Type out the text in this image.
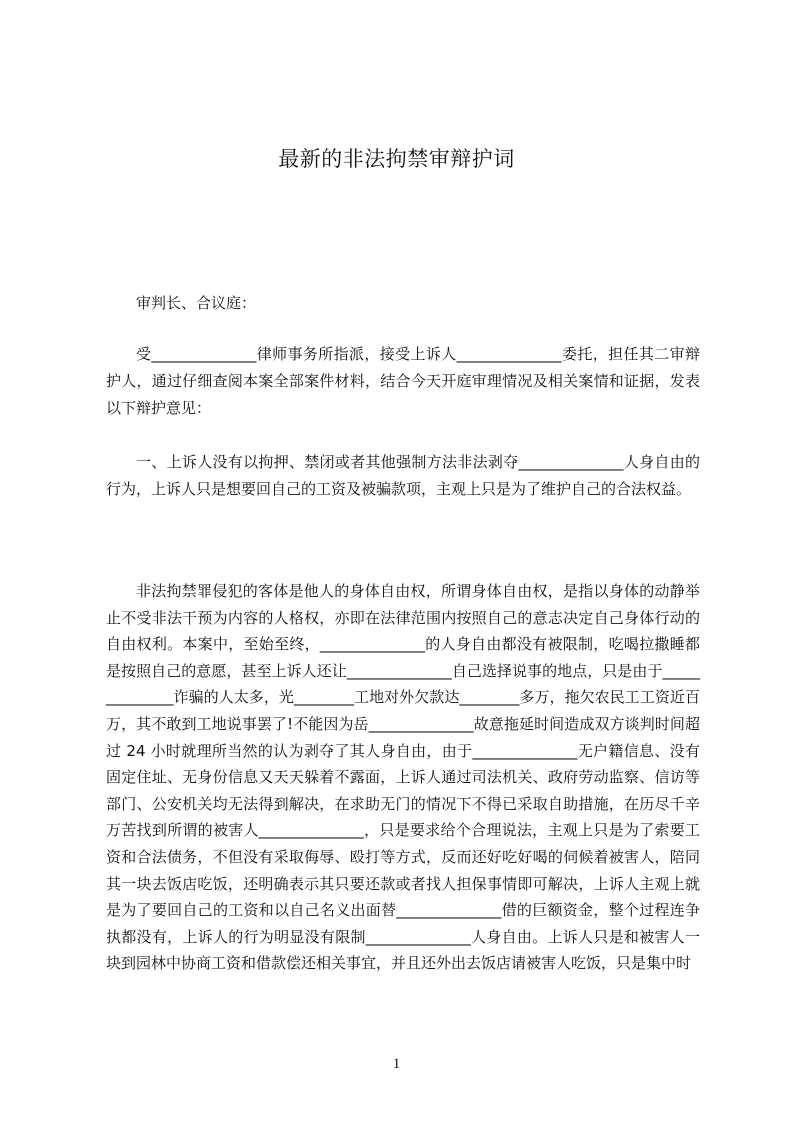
最新的非法拘禁审辩护词

审判长、合议庭：

受______________律师事务所指派，接受上诉人______________委托，担任其二审辩护人，通过仔细查阅本案全部案件材料，结合今天开庭审理情况及相关案情和证据，发表以下辩护意见：

一、上诉人没有以拘押、禁闭或者其他强制方法非法剥夺______________人身自由的行为，上诉人只是想要回自己的工资及被骗款项，主观上只是为了维护自己的合法权益。

非法拘禁罪侵犯的客体是他人的身体自由权，所谓身体自由权，是指以身体的动静举止不受非法干预为内容的人格权，亦即在法律范围内按照自己的意志决定自己身体行动的自由权利。本案中，至始至终，______________的人身自由都没有被限制，吃喝拉撒睡都是按照自己的意愿，甚至上诉人还让______________自己选择说事的地点，只是由于______________诈骗的人太多，光________工地对外欠款达________多万，拖欠农民工工资近百万，其不敢到工地说事罢了!不能因为岳______________故意拖延时间造成双方谈判时间超过 24 小时就理所当然的认为剥夺了其人身自由，由于______________无户籍信息、没有固定住址、无身份信息又天天躲着不露面，上诉人通过司法机关、政府劳动监察、信访等部门、公安机关均无法得到解决，在求助无门的情况下不得已采取自助措施，在历尽千辛万苦找到所谓的被害人______________，只是要求给个合理说法，主观上只是为了索要工资和合法债务，不但没有采取侮辱、殴打等方式，反而还好吃好喝的伺候着被害人，陪同其一块去饭店吃饭，还明确表示其只要还款或者找人担保事情即可解决，上诉人主观上就是为了要回自己的工资和以自己名义出面替______________借的巨额资金，整个过程连争执都没有，上诉人的行为明显没有限制______________人身自由。上诉人只是和被害人一块到园林中协商工资和借款偿还相关事宜，并且还外出去饭店请被害人吃饭，只是集中时

1
